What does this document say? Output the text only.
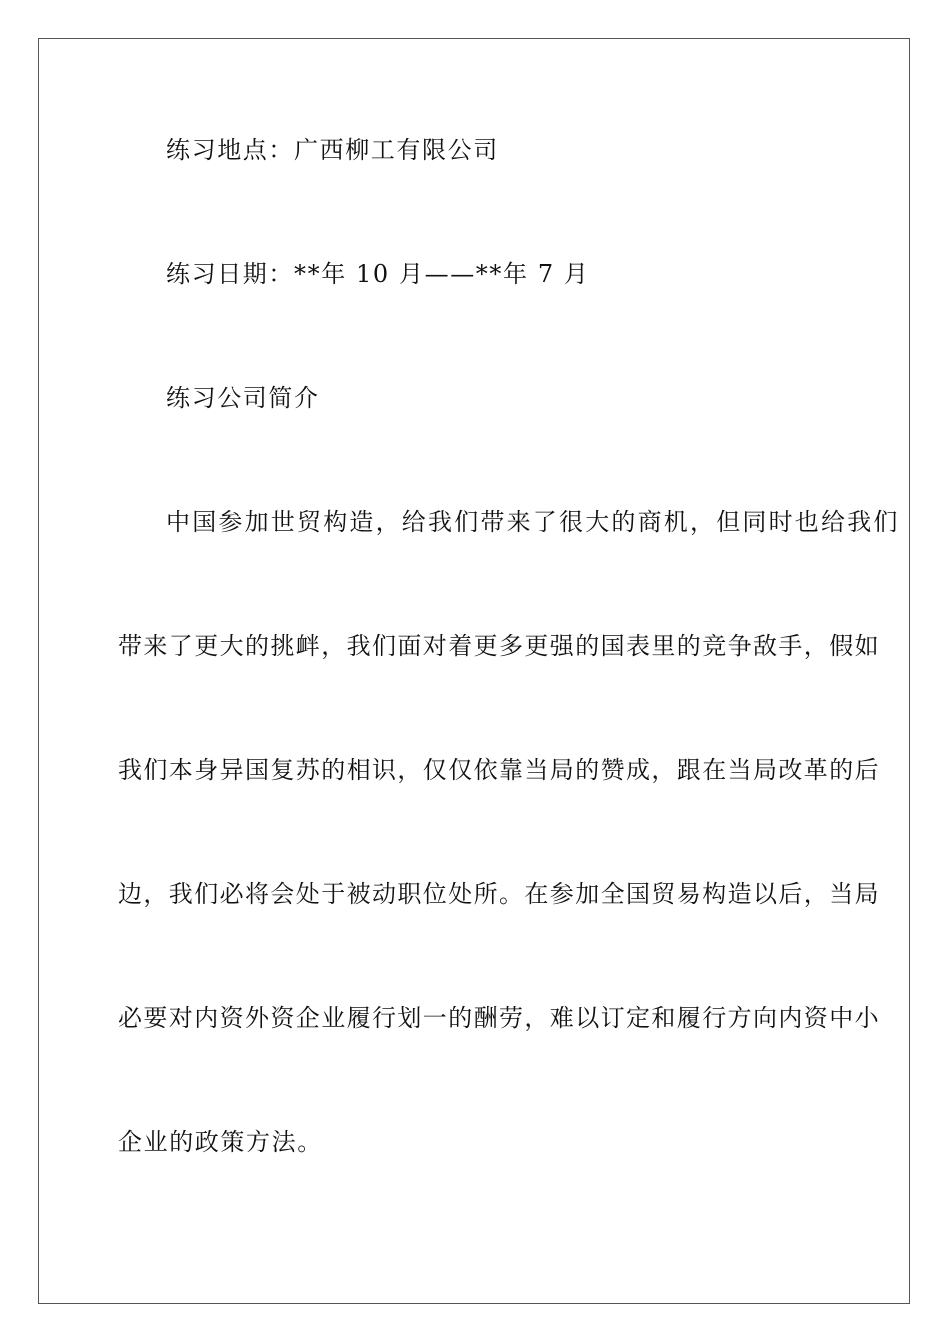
练习地点：广西柳工有限公司
练习日期：**年 10 月——**年 7 月
练习公司简介
中国参加世贸构造，给我们带来了很大的商机，但同时也给我们
带来了更大的挑衅，我们面对着更多更强的国表里的竞争敌手，假如
我们本身异国复苏的相识，仅仅依靠当局的赞成，跟在当局改革的后
边，我们必将会处于被动职位处所。在参加全国贸易构造以后，当局
必要对内资外资企业履行划一的酬劳，难以订定和履行方向内资中小
企业的政策方法。
